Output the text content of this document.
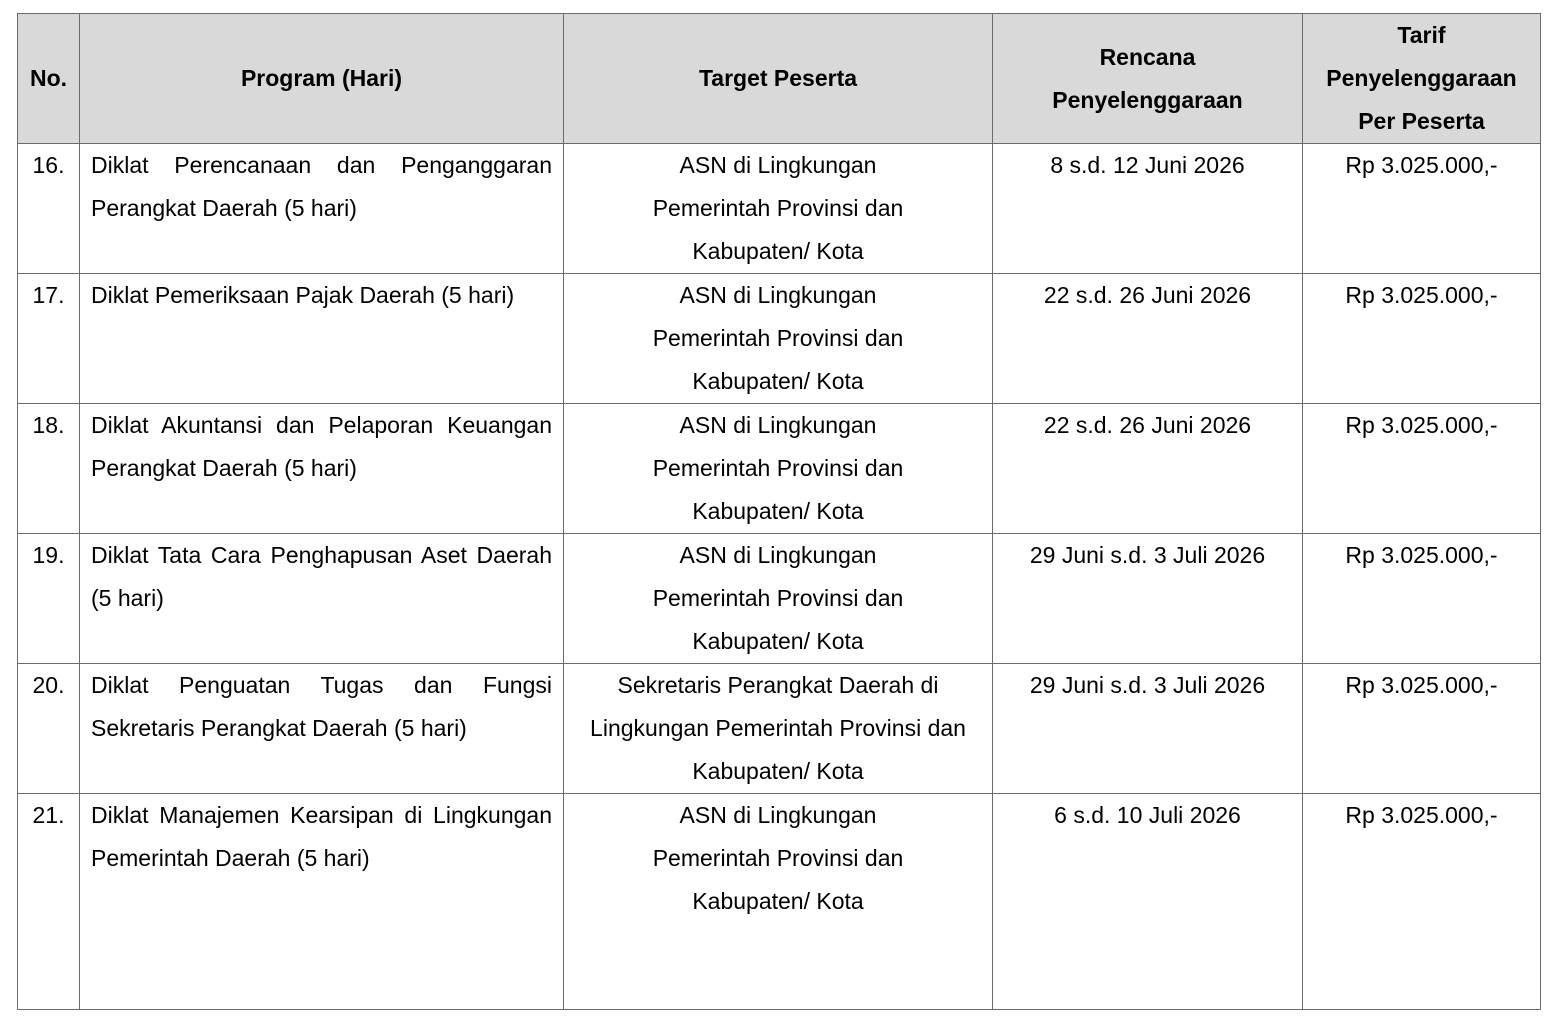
No.	Program (Hari)	Target Peserta	Rencana Penyelenggaraan	Tarif Penyelenggaraan Per Peserta

16.	Diklat Perencanaan dan Penganggaran Perangkat Daerah (5 hari)	ASN di Lingkungan Pemerintah Provinsi dan Kabupaten/ Kota	8 s.d. 12 Juni 2026	Rp 3.025.000,-
17.	Diklat Pemeriksaan Pajak Daerah (5 hari)	ASN di Lingkungan Pemerintah Provinsi dan Kabupaten/ Kota	22 s.d. 26 Juni 2026	Rp 3.025.000,-
18.	Diklat Akuntansi dan Pelaporan Keuangan Perangkat Daerah (5 hari)	ASN di Lingkungan Pemerintah Provinsi dan Kabupaten/ Kota	22 s.d. 26 Juni 2026	Rp 3.025.000,-
19.	Diklat Tata Cara Penghapusan Aset Daerah (5 hari)	ASN di Lingkungan Pemerintah Provinsi dan Kabupaten/ Kota	29 Juni s.d. 3 Juli 2026	Rp 3.025.000,-
20.	Diklat Penguatan Tugas dan Fungsi Sekretaris Perangkat Daerah (5 hari)	Sekretaris Perangkat Daerah di Lingkungan Pemerintah Provinsi dan Kabupaten/ Kota	29 Juni s.d. 3 Juli 2026	Rp 3.025.000,-
21.	Diklat Manajemen Kearsipan di Lingkungan Pemerintah Daerah (5 hari)	ASN di Lingkungan Pemerintah Provinsi dan Kabupaten/ Kota	6 s.d. 10 Juli 2026	Rp 3.025.000,-
